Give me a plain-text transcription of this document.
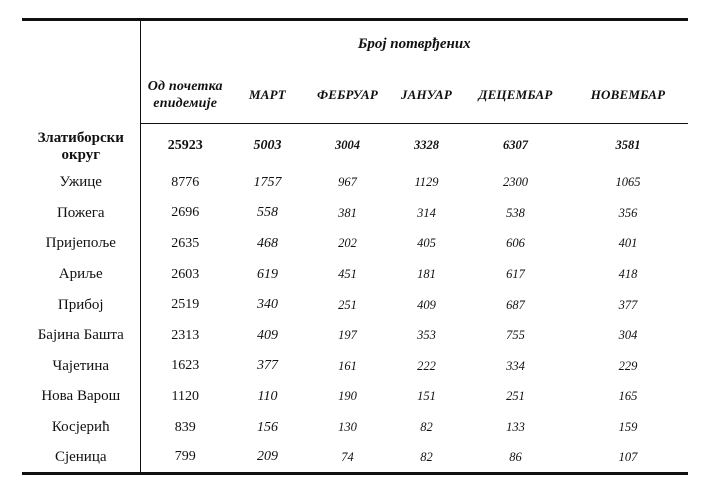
	Број потврђених					
	Од почетка епидемије	МАРТ	ФЕБРУАР	ЈАНУАР	ДЕЦЕМБАР	НОВЕМБАР
Златиборски округ	25923	5003	3004	3328	6307	3581
Ужице	8776	1757	967	1129	2300	1065
Пожега	2696	558	381	314	538	356
Пријепоље	2635	468	202	405	606	401
Ариље	2603	619	451	181	617	418
Прибој	2519	340	251	409	687	377
Бајина Башта	2313	409	197	353	755	304
Чајетина	1623	377	161	222	334	229
Нова Варош	1120	110	190	151	251	165
Косјерић	839	156	130	82	133	159
Сјеница	799	209	74	82	86	107
